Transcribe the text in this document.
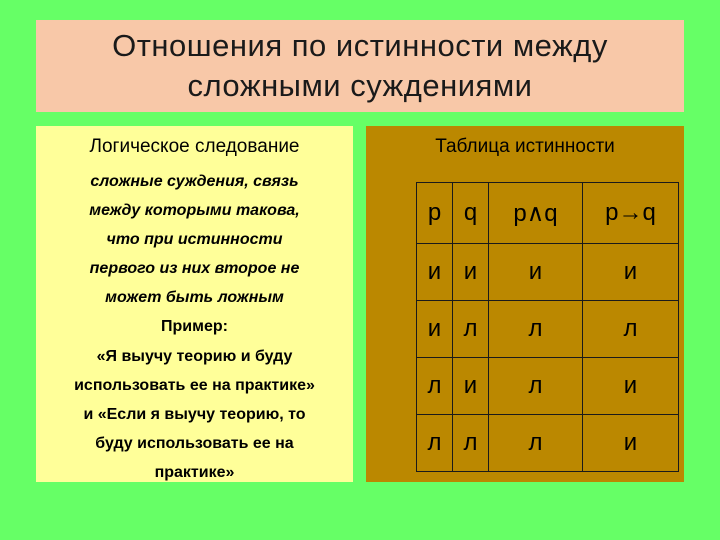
Отношения по истинности между
сложными суждениями
Логическое следование
сложные суждения, связь
между которыми такова,
что при истинности
первого из них второе не
может быть ложным
Пример:
«Я выучу теорию и буду
использовать ее на практике»
и «Если я выучу теорию, то
буду использовать ее на
практике»
Таблица истинности
p	q	p∧q	p→q
и	и	и	и
и	л	л	л
л	и	л	и
л	л	л	и
